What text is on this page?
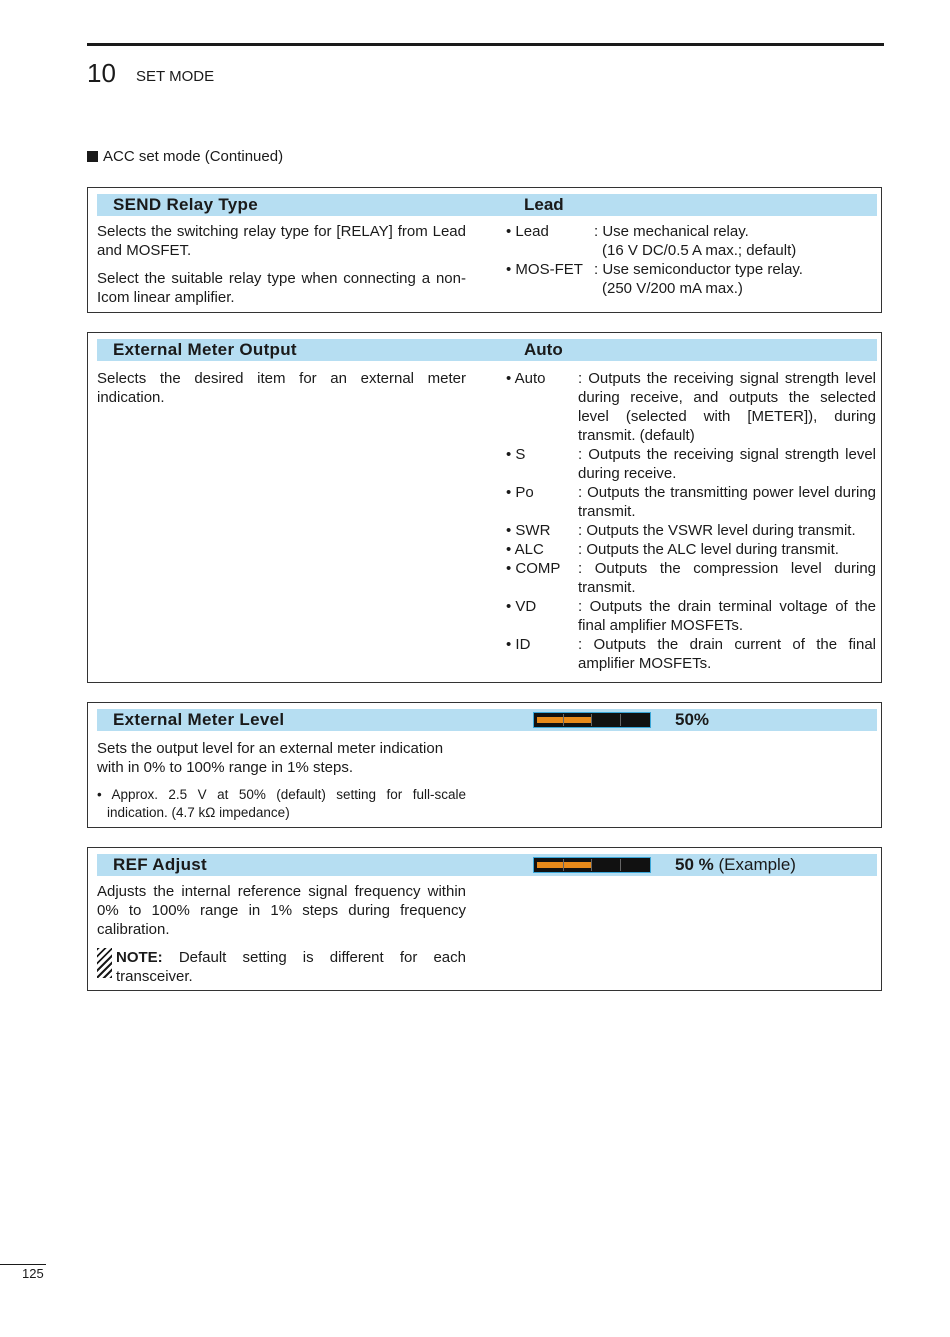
10 SET MODE
ACC set mode (Continued)
SEND Relay Type	Lead

Selects the switching relay type for [RELAY] from Lead and MOSFET.

Select the suitable relay type when connecting a non-Icom linear amplifier.

• Lead	: Use mechanical relay.
(16 V DC/0.5 A max.; default)
• MOS-FET : Use semiconductor type relay.
(250 V/200 mA max.)
External Meter Output	Auto

Selects the desired item for an external meter indication.

• Auto	: Outputs the receiving signal strength level during receive, and outputs the selected level (selected with [METER]), during transmit. (default)
• S	: Outputs the receiving signal strength level during receive.
• Po	: Outputs the transmitting power level during transmit.
• SWR	: Outputs the VSWR level during transmit.
• ALC	: Outputs the ALC level during transmit.
• COMP	: Outputs the compression level during transmit.
• VD	: Outputs the drain terminal voltage of the final amplifier MOSFETs.
• ID	: Outputs the drain current of the final amplifier MOSFETs.
External Meter Level	50%

Sets the output level for an external meter indication with in 0% to 100% range in 1% steps.

• Approx. 2.5 V at 50% (default) setting for full-scale indication. (4.7 kΩ impedance)
REF Adjust	50 % (Example)

Adjusts the internal reference signal frequency within 0% to 100% range in 1% steps during frequency calibration.

NOTE: Default setting is different for each transceiver.
125
